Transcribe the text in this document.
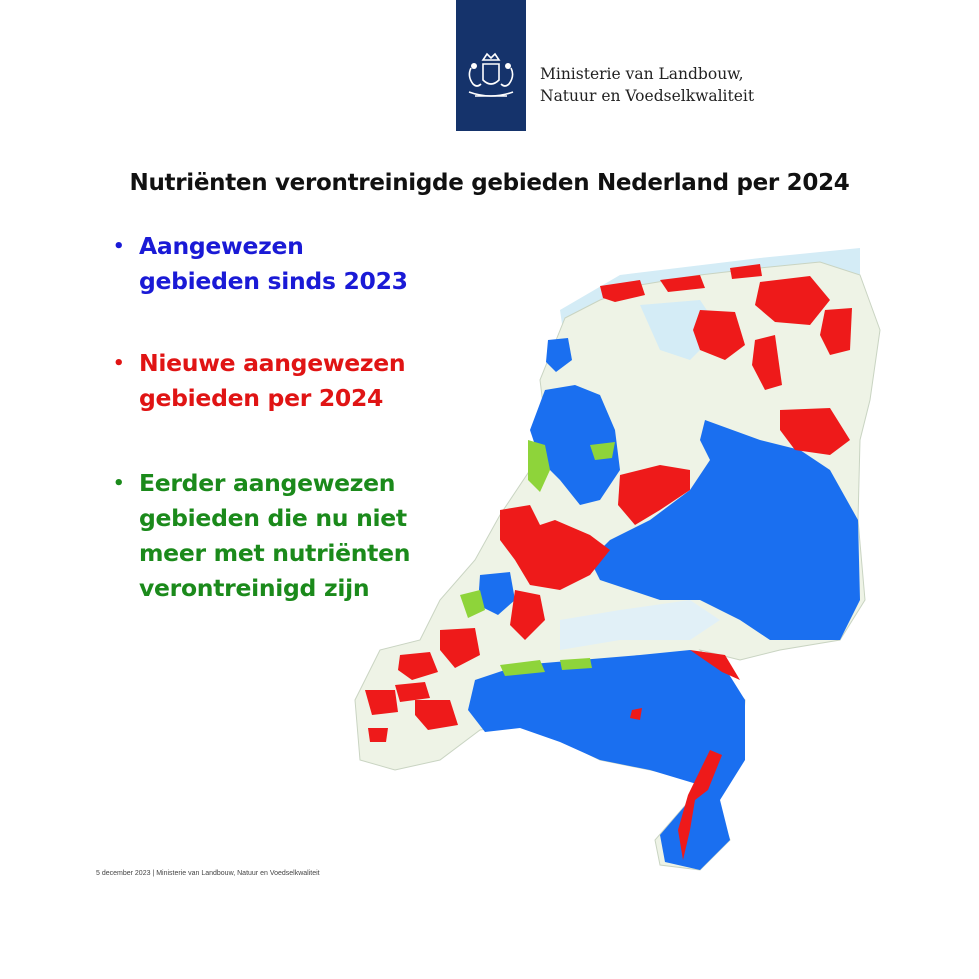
Ministerie van Landbouw,
Natuur en Voedselkwaliteit
Nutriënten verontreinigde gebieden Nederland per 2024
• Aangewezen
gebieden sinds 2023
• Nieuwe aangewezen
gebieden per 2024
• Eerder aangewezen
gebieden die nu niet
meer met nutriënten
verontreinigd zijn
5 december 2023 | Ministerie van Landbouw, Natuur en Voedselkwaliteit
